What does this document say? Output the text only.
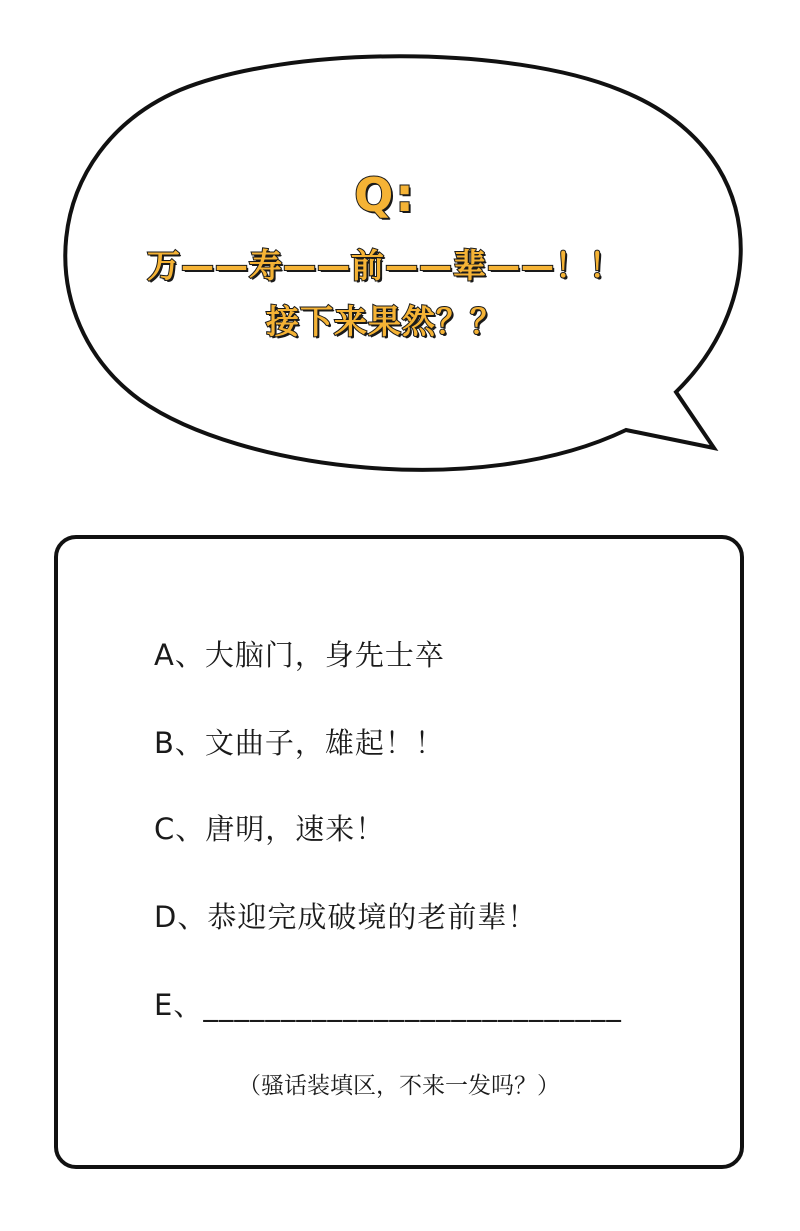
Q:
万——寿——前——辈——！！
接下来果然？？
A、大脑门，身先士卒
B、文曲子，雄起！！
C、唐明，速来！
D、恭迎完成破境的老前辈！
E、___________________________
（骚话装填区，不来一发吗？）
